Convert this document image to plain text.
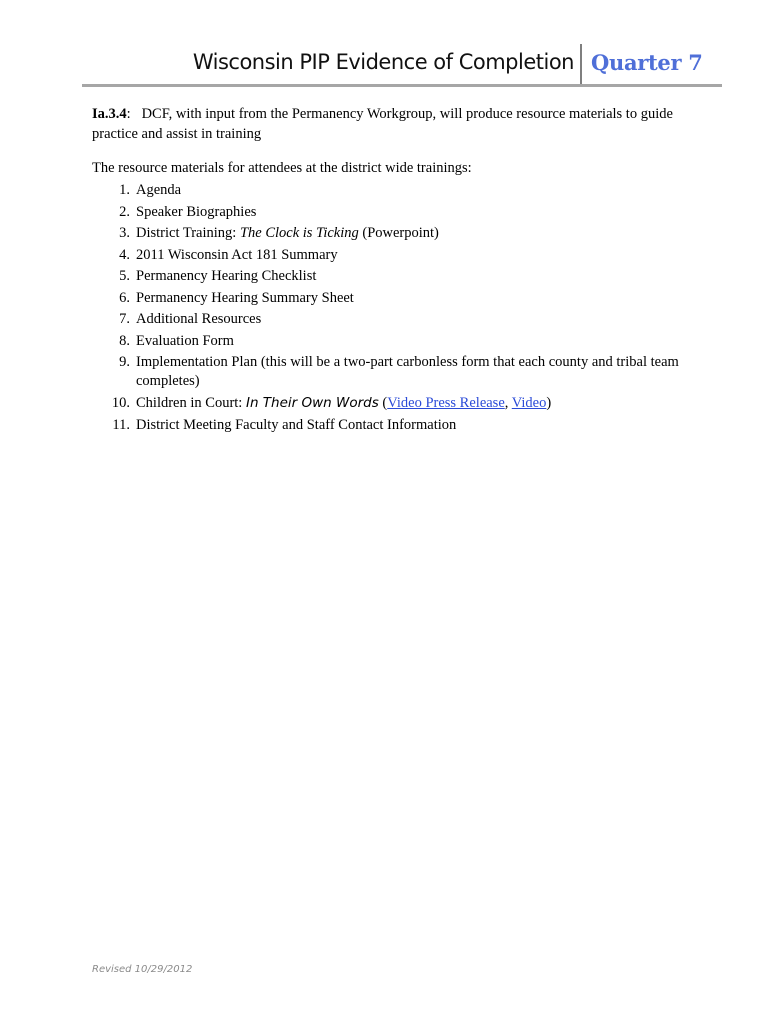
Wisconsin PIP Evidence of Completion Quarter 7
Ia.3.4: DCF, with input from the Permanency Workgroup, will produce resource materials to guide practice and assist in training
The resource materials for attendees at the district wide trainings:
1. Agenda
2. Speaker Biographies
3. District Training: The Clock is Ticking (Powerpoint)
4. 2011 Wisconsin Act 181 Summary
5. Permanency Hearing Checklist
6. Permanency Hearing Summary Sheet
7. Additional Resources
8. Evaluation Form
9. Implementation Plan (this will be a two-part carbonless form that each county and tribal team completes)
10. Children in Court: In Their Own Words (Video Press Release, Video)
11. District Meeting Faculty and Staff Contact Information
Revised 10/29/2012
